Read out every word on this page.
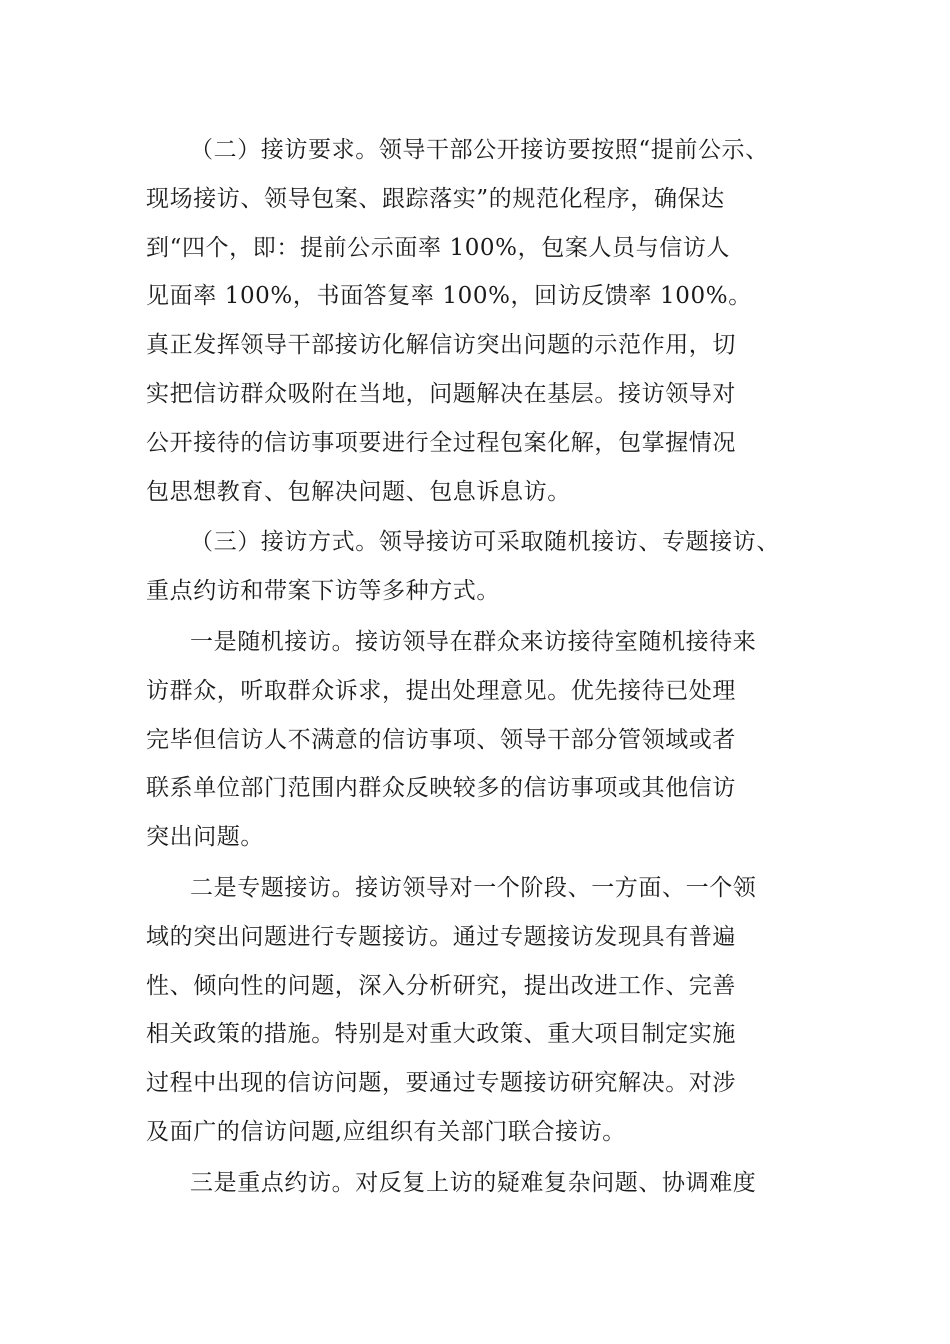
（二）接访要求。领导干部公开接访要按照“提前公示、
现场接访、领导包案、跟踪落实”的规范化程序，确保达
到“四个，即：提前公示面率 100%，包案人员与信访人
见面率 100%，书面答复率 100%，回访反馈率 100%。
真正发挥领导干部接访化解信访突出问题的示范作用，切
实把信访群众吸附在当地，问题解决在基层。接访领导对
公开接待的信访事项要进行全过程包案化解，包掌握情况
包思想教育、包解决问题、包息诉息访。

（三）接访方式。领导接访可采取随机接访、专题接访、
重点约访和带案下访等多种方式。

一是随机接访。接访领导在群众来访接待室随机接待来
访群众，听取群众诉求，提出处理意见。优先接待已处理
完毕但信访人不满意的信访事项、领导干部分管领域或者
联系单位部门范围内群众反映较多的信访事项或其他信访
突出问题。

二是专题接访。接访领导对一个阶段、一方面、一个领
域的突出问题进行专题接访。通过专题接访发现具有普遍
性、倾向性的问题，深入分析研究，提出改进工作、完善
相关政策的措施。特别是对重大政策、重大项目制定实施
过程中出现的信访问题，要通过专题接访研究解决。对涉
及面广的信访问题,应组织有关部门联合接访。

三是重点约访。对反复上访的疑难复杂问题、协调难度
